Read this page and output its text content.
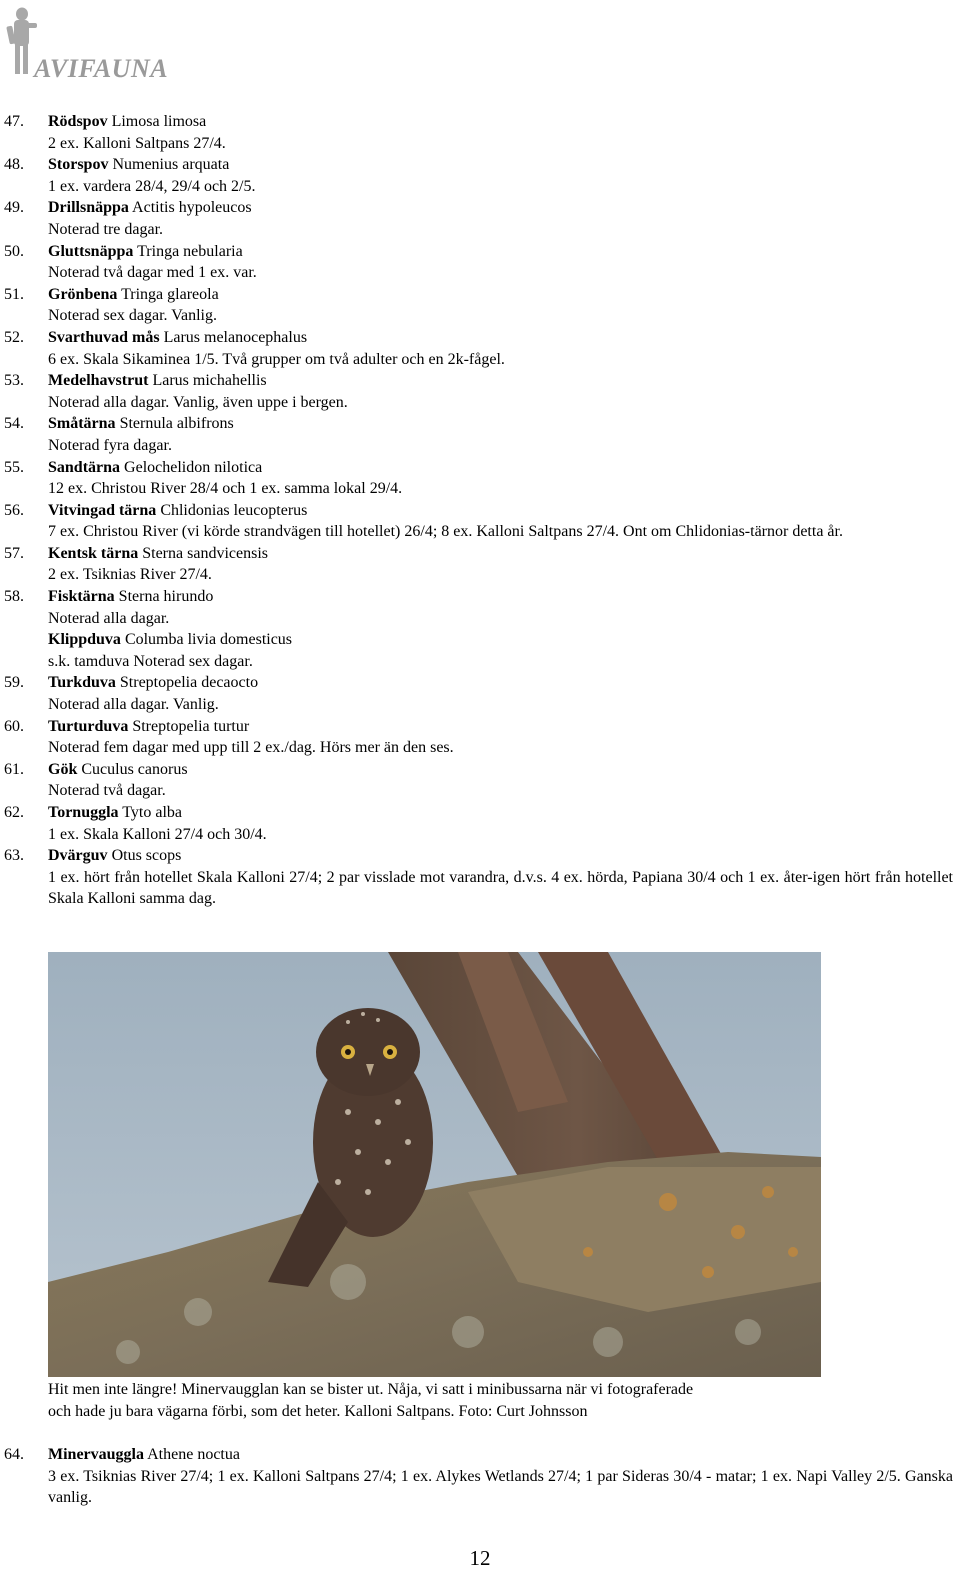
AVIFAUNA
47. Rödspov Limosa limosa
2 ex. Kalloni Saltpans 27/4.
48. Storspov Numenius arquata
1 ex. vardera 28/4, 29/4 och 2/5.
49. Drillsnäppa Actitis hypoleucos
Noterad tre dagar.
50. Gluttsnäppa Tringa nebularia
Noterad två dagar med 1 ex. var.
51. Grönbena Tringa glareola
Noterad sex dagar. Vanlig.
52. Svarthuvad mås Larus melanocephalus
6 ex. Skala Sikaminea 1/5. Två grupper om två adulter och en 2k-fågel.
53. Medelhavstrut Larus michahellis
Noterad alla dagar. Vanlig, även uppe i bergen.
54. Småtärna Sternula albifrons
Noterad fyra dagar.
55. Sandtärna Gelochelidon nilotica
12 ex. Christou River 28/4 och 1 ex. samma lokal 29/4.
56. Vitvingad tärna Chlidonias leucopterus
7 ex. Christou River (vi körde strandvägen till hotellet) 26/4; 8 ex. Kalloni Saltpans 27/4. Ont om Chlidonias-tärnor detta år.
57. Kentsk tärna Sterna sandvicensis
2 ex. Tsiknias River 27/4.
58. Fisktärna Sterna hirundo
Noterad alla dagar.
Klippduva Columba livia domesticus
s.k. tamduva Noterad sex dagar.
59. Turkduva Streptopelia decaocto
Noterad alla dagar. Vanlig.
60. Turturduva Streptopelia turtur
Noterad fem dagar med upp till 2 ex./dag. Hörs mer än den ses.
61. Gök Cuculus canorus
Noterad två dagar.
62. Tornuggla Tyto alba
1 ex. Skala Kalloni 27/4 och 30/4.
63. Dvärguv Otus scops
1 ex. hört från hotellet Skala Kalloni 27/4; 2 par visslade mot varandra, d.v.s. 4 ex. hörda, Papiana 30/4 och 1 ex. åter-igen hört från hotellet Skala Kalloni samma dag.
Hit men inte längre! Minervaugglan kan se bister ut. Nåja, vi satt i minibussarna när vi fotograferade
och hade ju bara vägarna förbi, som det heter. Kalloni Saltpans. Foto: Curt Johnsson
64. Minervauggla Athene noctua
3 ex. Tsiknias River 27/4; 1 ex. Kalloni Saltpans 27/4; 1 ex. Alykes Wetlands 27/4; 1 par Sideras 30/4 - matar; 1 ex. Napi Valley 2/5. Ganska vanlig.
12
